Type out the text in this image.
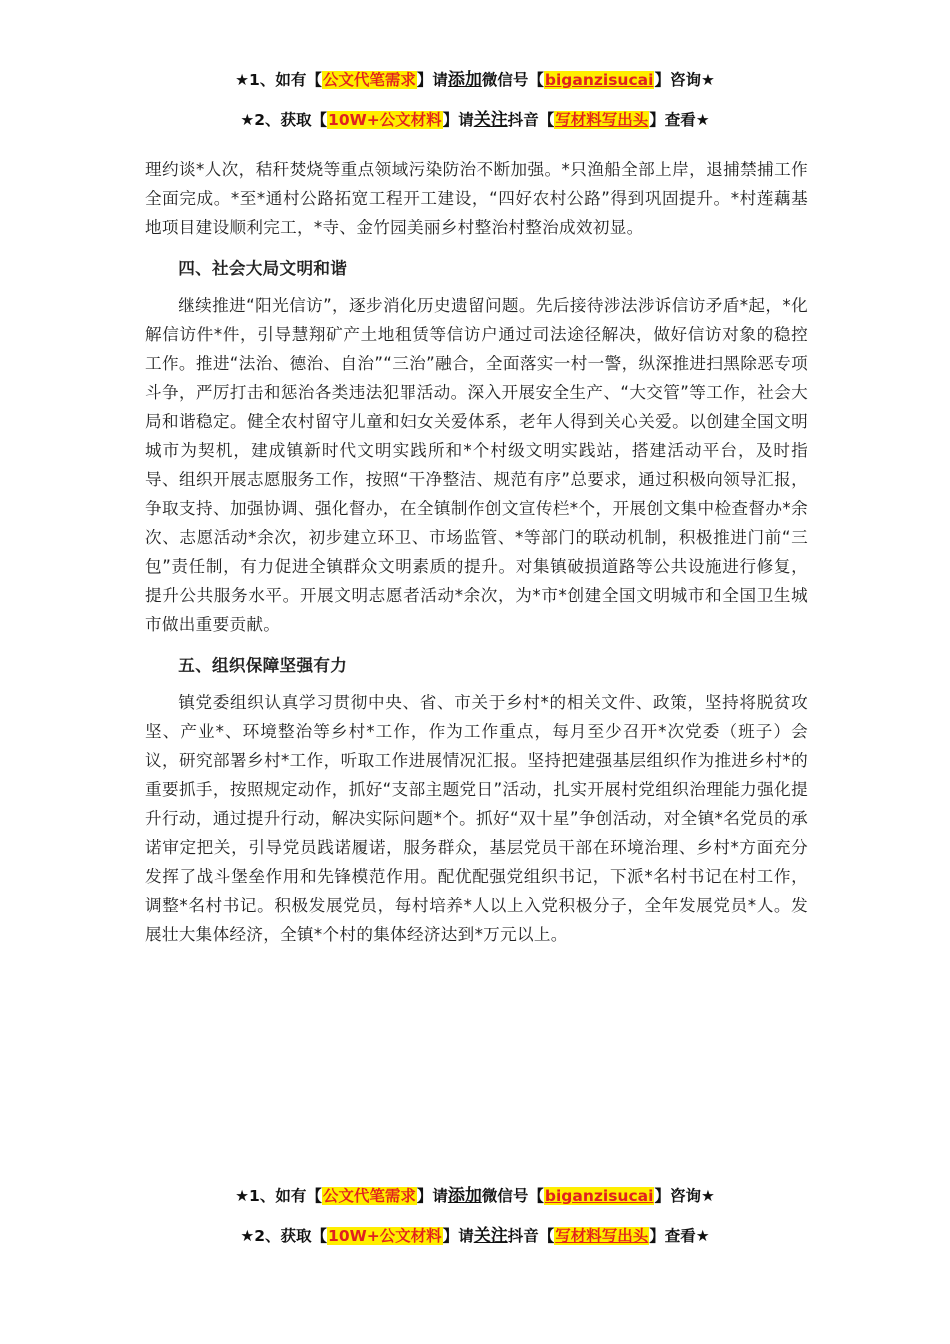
★1、如有【公文代笔需求】请添加微信号【biganzisucai】咨询★
★2、获取【10W+公文材料】请关注抖音【写材料写出头】查看★

理约谈*人次，秸秆焚烧等重点领域污染防治不断加强。*只渔船全部上岸，退捕禁捕工作全面完成。*至*通村公路拓宽工程开工建设，“四好农村公路”得到巩固提升。*村莲藕基地项目建设顺利完工，*寺、金竹园美丽乡村整治村整治成效初显。

四、社会大局文明和谐

继续推进“阳光信访”，逐步消化历史遗留问题。先后接待涉法涉诉信访矛盾*起，*化解信访件*件，引导慧翔矿产土地租赁等信访户通过司法途径解决，做好信访对象的稳控工作。推进“法治、德治、自治”“三治”融合，全面落实一村一警，纵深推进扫黑除恶专项斗争，严厉打击和惩治各类违法犯罪活动。深入开展安全生产、“大交管”等工作，社会大局和谐稳定。健全农村留守儿童和妇女关爱体系，老年人得到关心关爱。以创建全国文明城市为契机，建成镇新时代文明实践所和*个村级文明实践站，搭建活动平台，及时指导、组织开展志愿服务工作，按照“干净整洁、规范有序”总要求，通过积极向领导汇报，争取支持、加强协调、强化督办，在全镇制作创文宣传栏*个，开展创文集中检查督办*余次、志愿活动*余次，初步建立环卫、市场监管、*等部门的联动机制，积极推进门前“三包”责任制，有力促进全镇群众文明素质的提升。对集镇破损道路等公共设施进行修复，提升公共服务水平。开展文明志愿者活动*余次，为*市*创建全国文明城市和全国卫生城市做出重要贡献。

五、组织保障坚强有力

镇党委组织认真学习贯彻中央、省、市关于乡村*的相关文件、政策，坚持将脱贫攻坚、产业*、环境整治等乡村*工作，作为工作重点，每月至少召开*次党委（班子）会议，研究部署乡村*工作，听取工作进展情况汇报。坚持把建强基层组织作为推进乡村*的重要抓手，按照规定动作，抓好“支部主题党日”活动，扎实开展村党组织治理能力强化提升行动，通过提升行动，解决实际问题*个。抓好“双十星”争创活动，对全镇*名党员的承诺审定把关，引导党员践诺履诺，服务群众，基层党员干部在环境治理、乡村*方面充分发挥了战斗堡垒作用和先锋模范作用。配优配强党组织书记，下派*名村书记在村工作，调整*名村书记。积极发展党员，每村培养*人以上入党积极分子，全年发展党员*人。发展壮大集体经济，全镇*个村的集体经济达到*万元以上。

★1、如有【公文代笔需求】请添加微信号【biganzisucai】咨询★
★2、获取【10W+公文材料】请关注抖音【写材料写出头】查看★
